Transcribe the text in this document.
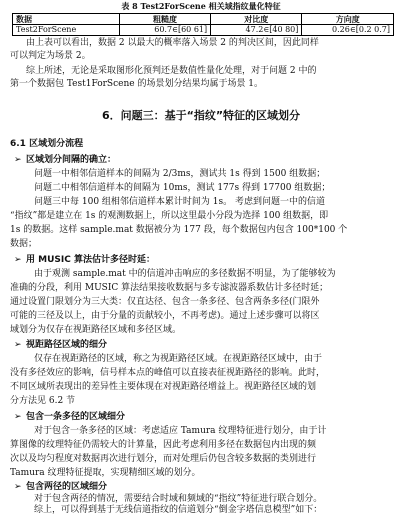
表 8 Test2ForScene 相关域指纹量化特征
数据	粗糙度	对比度	方向度
Test2ForScene	60.7∈[60 61]	47.2∈[40 80]	0.26∈[0.2 0.7]
由上表可以看出，数据 2 以最大的概率落入场景 2 的判决区间，因此同样
可以判定为场景 2。
综上所述，无论是采取图形化预判还是数值性量化处理，对于问题 2 中的
第一个数据包 Test1ForScene 的场景划分结果均属于场景 1。
6．问题三：基于“指纹”特征的区域划分
6.1 区域划分流程
➢ 区域划分间隔的确立：
问题一中相邻信道样本的间隔为 2/3ms，测试共 1s 得到 1500 组数据；
问题二中相邻信道样本的间隔为 10ms，测试 177s 得到 17700 组数据；
问题三中每 100 组相邻信道样本累计时间为 1s。 考虑到问题一中的信道
“指纹”都是建立在 1s 的观测数据上，所以这里最小分段为选择 100 组数据，即
1s 的数据。这样 sample.mat 数据被分为 177 段，每个数据包内包含 100*100 个
数据；
➢ 用 MUSIC 算法估计多径时延：
由于观测 sample.mat 中的信道冲击响应的多径数据不明显，为了能够较为
准确的分段，利用 MUSIC 算法结果接收数据与多专滤波器系数估计多径时延；
通过设置门限划分为三大类：仅直达径、包含一条多径、包含两条多径(门限外
可能的三径及以上，由于分量的贡献较小，不再考虑)。通过上述步骤可以将区
域划分为仅存在视距路径区域和多径区域。
➢ 视距路径区域的细分
仅存在视距路径的区域，称之为视距路径区域。在视距路径区域中，由于
没有多径效应的影响，信号样本点的峰值可以直接表征视距路径的影响。此时，
不同区域所表现出的差异性主要体现在对视距路径增益上。视距路径区域的划
分方法见 6.2 节
➢ 包含一条多径的区域细分
对于包含一条多径的区域：考虑适应 Tamura 纹理特征进行划分，由于计
算图像的纹理特征仍需较大的计算量，因此考虑利用多径在数据包内出现的频
次以及均匀程度对数据再次进行划分，而对处理后仍包含较多数据的类别进行
Tamura 纹理特征提取，实现精细区域的划分。
➢ 包含两径的区域细分
对于包含两径的情况，需要结合时域和频域的“指纹”特征进行联合划分。
综上，可以得到基于无线信道指纹的信道划分“倒金字塔信息模型”如下：
